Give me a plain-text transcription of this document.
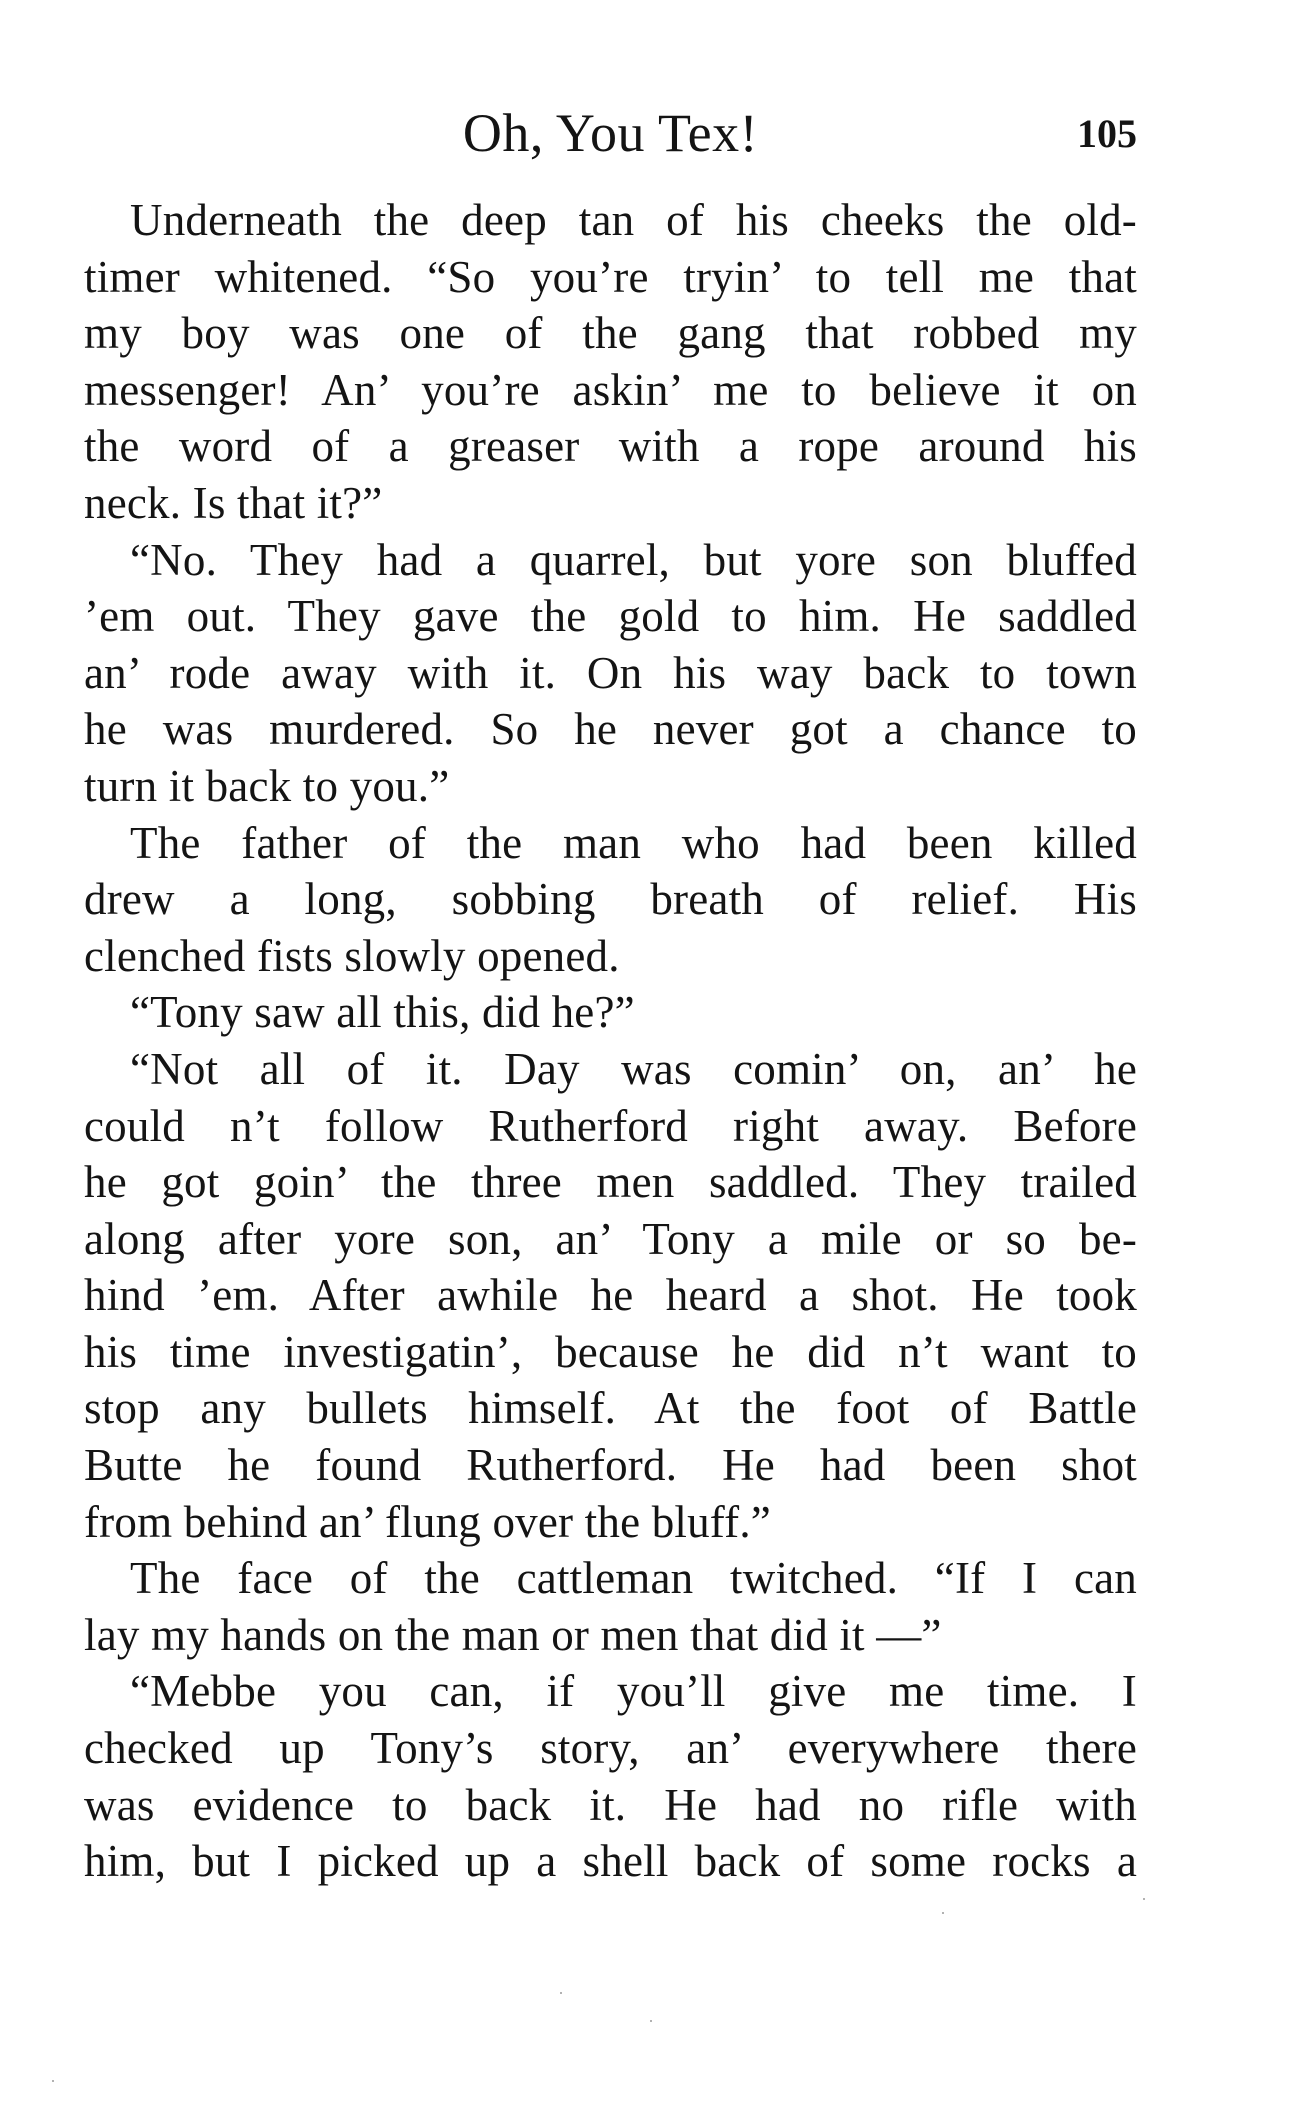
Oh, You Tex!	105
Underneath the deep tan of his cheeks the old-
timer whitened. “So you’re tryin’ to tell me that
my boy was one of the gang that robbed my
messenger! An’ you’re askin’ me to believe it on
the word of a greaser with a rope around his
neck. Is that it?”
“No. They had a quarrel, but yore son bluffed
’em out. They gave the gold to him. He saddled
an’ rode away with it. On his way back to town
he was murdered. So he never got a chance to
turn it back to you.”
The father of the man who had been killed
drew a long, sobbing breath of relief. His
clenched fists slowly opened.
“Tony saw all this, did he?”
“Not all of it. Day was comin’ on, an’ he
could n’t follow Rutherford right away. Before
he got goin’ the three men saddled. They trailed
along after yore son, an’ Tony a mile or so be-
hind ’em. After awhile he heard a shot. He took
his time investigatin’, because he did n’t want to
stop any bullets himself. At the foot of Battle
Butte he found Rutherford. He had been shot
from behind an’ flung over the bluff.”
The face of the cattleman twitched. “If I can
lay my hands on the man or men that did it —”
“Mebbe you can, if you’ll give me time. I
checked up Tony’s story, an’ everywhere there
was evidence to back it. He had no rifle with
him, but I picked up a shell back of some rocks a
